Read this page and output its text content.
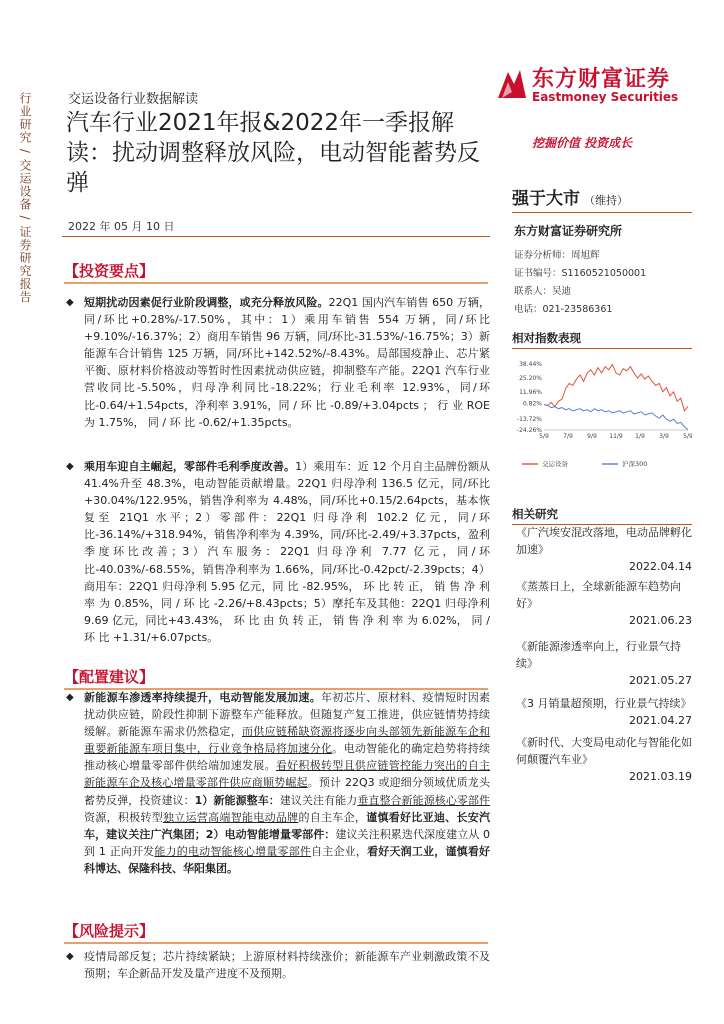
行业研究 / 交运设备 / 证券研究报告
交运设备行业数据解读
汽车行业2021年报&2022年一季报解读：扰动调整释放风险，电动智能蓄势反弹
2022 年 05 月 10 日
东方财富证券
Eastmoney Securities
挖掘价值 投资成长
强于大市 （维持）
东方财富证券研究所
证券分析师：周旭辉
证书编号：S1160521050001
联系人：吴迪
电话：021-23586361
相对指数表现
38.44%
25.20%
11.96%
0.82%
-13.72%
-24.26%
5/9 7/9 9/9 11/9 1/9 3/9 5/9
交运设备	沪深300
相关研究
《广汽埃安混改落地，电动品牌孵化加速》
2022.04.14
《蒸蒸日上，全球新能源车趋势向好》
2021.06.23
《新能源渗透率向上，行业景气持续》
2021.05.27
《3 月销量超预期，行业景气持续》
2021.04.27
《新时代、大变局电动化与智能化如何颠覆汽车业》
2021.03.19
【投资要点】
◆ 短期扰动因素促行业阶段调整，或充分释放风险。22Q1 国内汽车销售 650 万辆，同/环比+0.28%/-17.50%，其中：1）乘用车销售 554 万辆，同/环比+9.10%/-16.37%；2）商用车销售 96 万辆，同/环比-31.53%/-16.75%；3）新能源车合计销售 125 万辆，同/环比+142.52%/-8.43%。局部国疫静止、芯片紧平衡、原材料价格波动等暂时性因素扰动供应链，抑制整车产能。22Q1 汽车行业营收同比-5.50%，归母净利同比-18.22%；行业毛利率 12.93%，同/环比-0.64/+1.54pcts，净利率 3.91%，同 / 环 比 -0.89/+3.04pcts ； 行 业 ROE 为 1.75%， 同 / 环 比 -0.62/+1.35pcts。
◆ 乘用车迎自主崛起，零部件毛利季度改善。1）乘用车：近 12 个月自主品牌份额从 41.4%升至 48.3%，电动智能贡献增量。22Q1 归母净利 136.5 亿元，同/环比+30.04%/122.95%，销售净利率为 4.48%，同/环比+0.15/2.64pcts，基本恢复至 21Q1 水平；2）零部件：22Q1 归母净利 102.2 亿元，同/环比-36.14%/+318.94%，销售净利率为 4.39%，同/环比-2.49/+3.37pcts，盈利季度环比改善；3）汽车服务：22Q1 归母净利 7.77 亿元，同/环比-40.03%/-68.55%，销售净利率为 1.66%，同/环比-0.42pct/-2.39pcts；4）商用车：22Q1 归母净利 5.95 亿元，同 比 -82.95%， 环 比 转 正， 销 售 净 利 率 为 0.85%，同 / 环 比 -2.26/+8.43pcts；5）摩托车及其他：22Q1 归母净利 9.69 亿元，同比+43.43%， 环 比 由 负 转 正， 销 售 净 利 率 为 6.02%， 同 / 环 比 +1.31/+6.07pcts。
【配置建议】
◆ 新能源车渗透率持续提升，电动智能发展加速。年初芯片、原材料、疫情短时因素扰动供应链，阶段性抑制下游整车产能释放。但随复产复工推进，供应链情势持续缓解。新能源车需求仍然稳定，而供应链稀缺资源将逐步向头部领先新能源车企和重要新能源车项目集中，行业竞争格局将加速分化。电动智能化的确定趋势将持续推动核心增量零部件供给端加速发展。看好积极转型且供应链管控能力突出的自主新能源车企及核心增量零部件供应商顺势崛起。预计 22Q3 或迎细分领域优质龙头蓄势反弹，投资建议：1）新能源整车：建议关注有能力垂直整合新能源核心零部件资源，积极转型独立运营高端智能电动品牌的自主车企，谨慎看好比亚迪、长安汽车，建议关注广汽集团；2）电动智能增量零部件：建议关注积累迭代深度建立从 0 到 1 正向开发能力的电动智能核心增量零部件自主企业，看好天润工业，谨慎看好科博达、保隆科技、华阳集团。
【风险提示】
◆ 疫情局部反复；芯片持续紧缺；上游原材料持续涨价；新能源车产业刺激政策不及预期；车企新品开发及量产进度不及预期。
